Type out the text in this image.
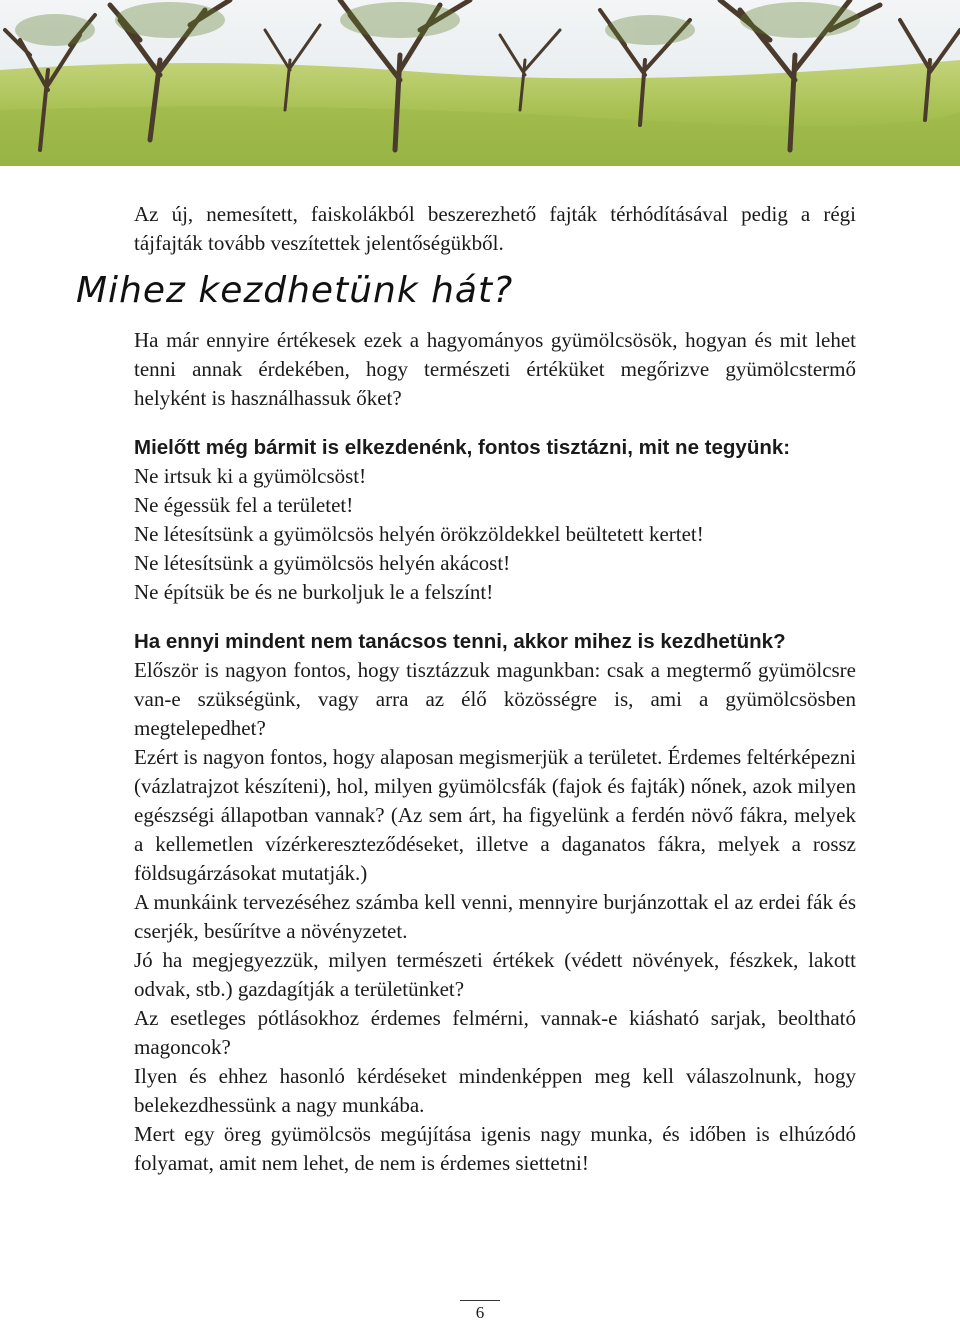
Az új, nemesített, faiskolákból beszerezhető fajták térhódításával pedig a régi tájfajták tovább veszítettek jelentőségükből.

Mihez kezdhetünk hát?

Ha már ennyire értékesek ezek a hagyományos gyümölcsösök, hogyan és mit lehet tenni annak érdekében, hogy természeti értéküket megőrizve gyümölcstermő helyként is használhassuk őket?

Mielőtt még bármit is elkezdenénk, fontos tisztázni, mit ne tegyünk:

Ne irtsuk ki a gyümölcsöst!

Ne égessük fel a területet!

Ne létesítsünk a gyümölcsös helyén örökzöldekkel beültetett kertet!

Ne létesítsünk a gyümölcsös helyén akácost!

Ne építsük be és ne burkoljuk le a felszínt!

Ha ennyi mindent nem tanácsos tenni, akkor mihez is kezdhetünk?

Először is nagyon fontos, hogy tisztázzuk magunkban: csak a megtermő gyümölcsre van-e szükségünk, vagy arra az élő közösségre is, ami a gyümölcsösben megtelepedhet?

Ezért is nagyon fontos, hogy alaposan megismerjük a területet. Érdemes feltérképezni (vázlatrajzot készíteni), hol, milyen gyümölcsfák (fajok és fajták) nőnek, azok milyen egészségi állapotban vannak? (Az sem árt, ha figyelünk a ferdén növő fákra, melyek a kellemetlen vízérkereszteződéseket, illetve a daganatos fákra, melyek a rossz földsugárzásokat mutatják.)

A munkáink tervezéséhez számba kell venni, mennyire burjánzottak el az erdei fák és cserjék, besűrítve a növényzetet.

Jó ha megjegyezzük, milyen természeti értékek (védett növények, fészkek, lakott odvak, stb.) gazdagítják a területünket?

Az esetleges pótlásokhoz érdemes felmérni, vannak-e kiásható sarjak, beoltható magoncok?

Ilyen és ehhez hasonló kérdéseket mindenképpen meg kell válaszolnunk, hogy belekezdhessünk a nagy munkába.

Mert egy öreg gyümölcsös megújítása igenis nagy munka, és időben is elhúzódó folyamat, amit nem lehet, de nem is érdemes siettetni!

6
